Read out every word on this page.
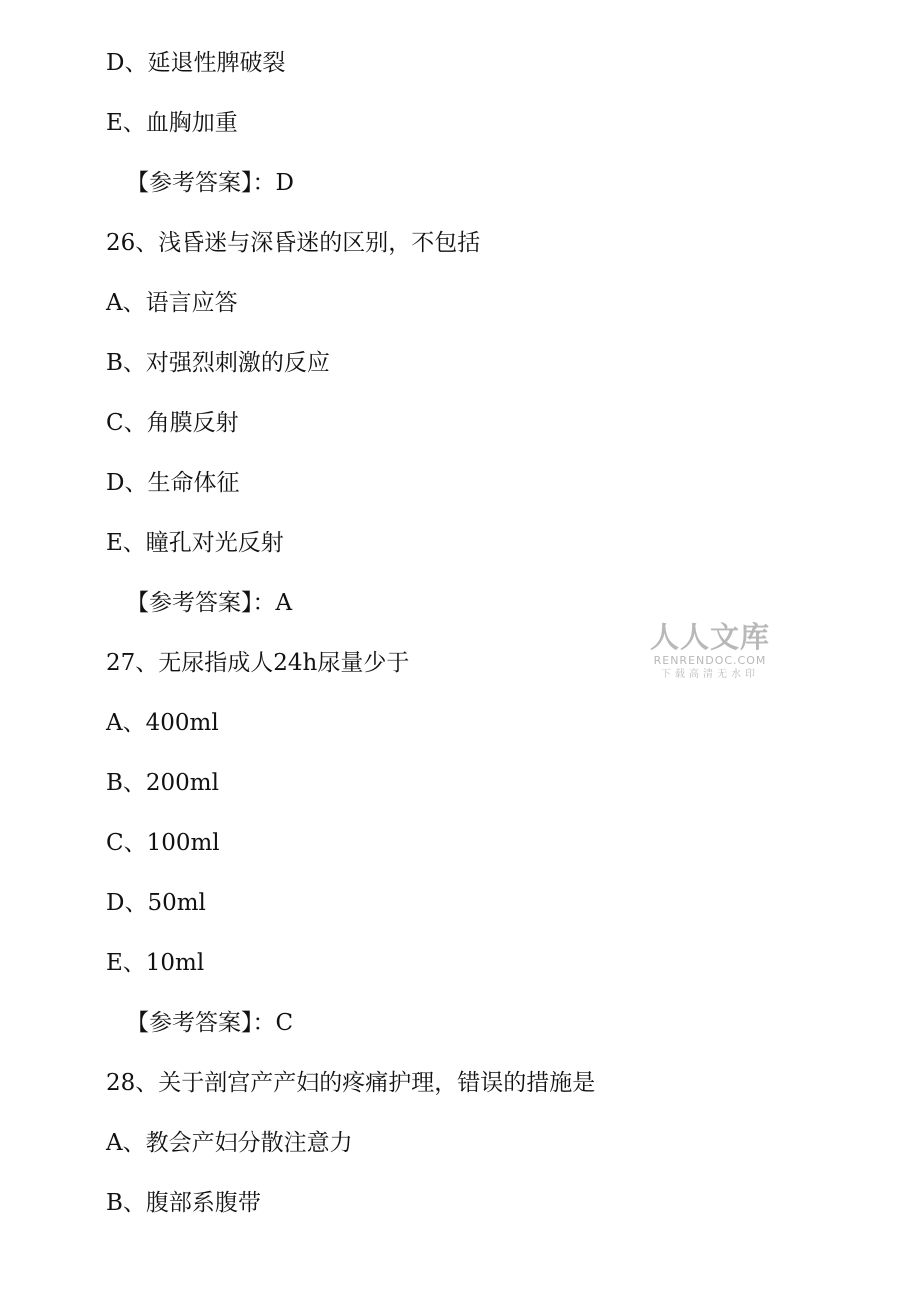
D、延退性脾破裂
E、血胸加重
【参考答案】：D
26、浅昏迷与深昏迷的区别，不包括
A、语言应答
B、对强烈刺激的反应
C、角膜反射
D、生命体征
E、瞳孔对光反射
【参考答案】：A
27、无尿指成人24h尿量少于
A、400ml
B、200ml
C、100ml
D、50ml
E、10ml
【参考答案】：C
28、关于剖宫产产妇的疼痛护理，错误的措施是
A、教会产妇分散注意力
B、腹部系腹带
人人文库
RENRENDOC.COM
下载高清无水印
